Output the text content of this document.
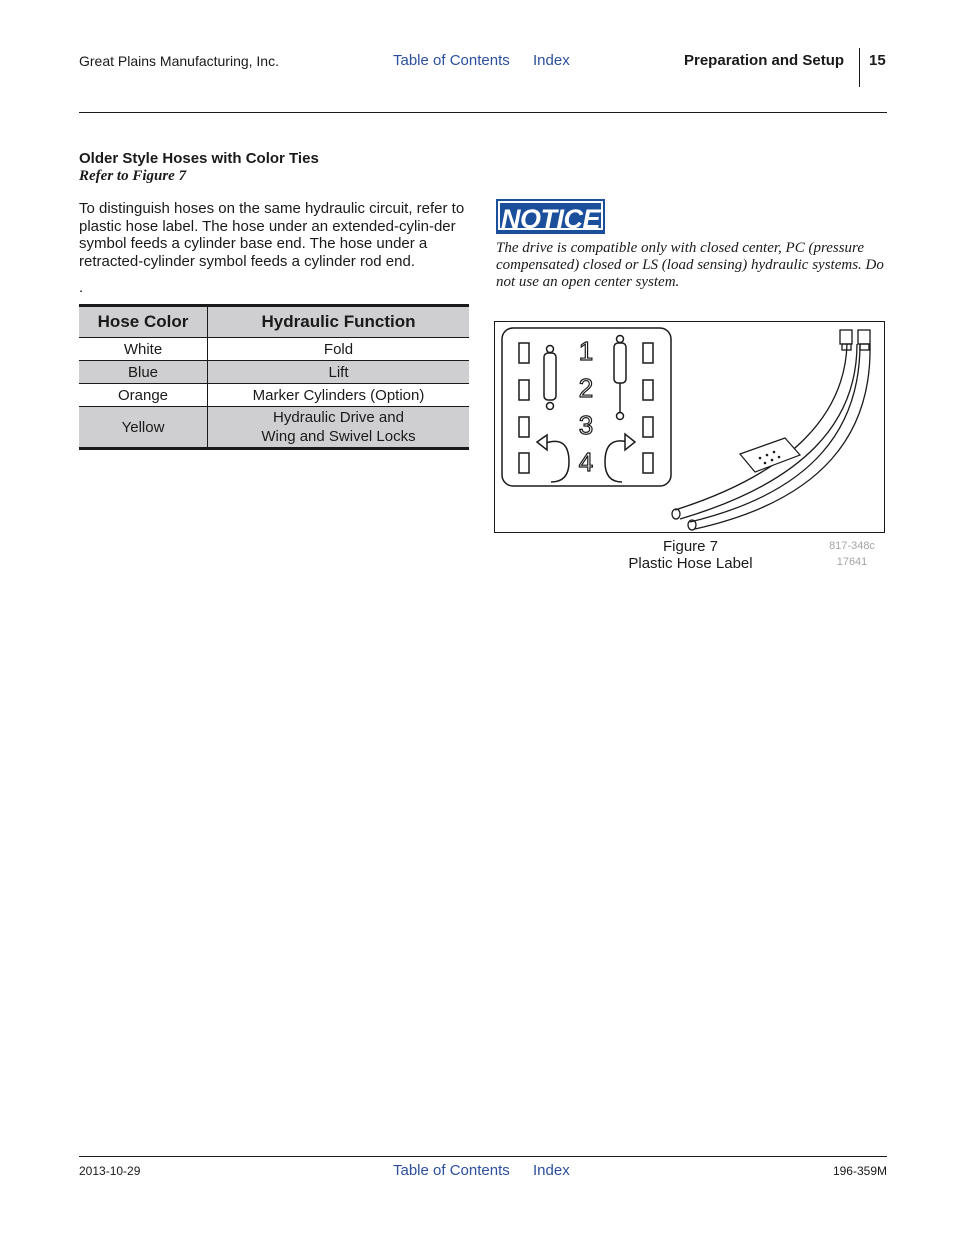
Great Plains Manufacturing, Inc.	Table of Contents Index	Preparation and Setup 15
Older Style Hoses with Color Ties
Refer to Figure 7
To distinguish hoses on the same hydraulic circuit, refer to plastic hose label. The hose under an extended-cylin-der symbol feeds a cylinder base end. The hose under a retracted-cylinder symbol feeds a cylinder rod end.
.
Hose Color	Hydraulic Function
White	Fold
Blue	Lift
Orange	Marker Cylinders (Option)
Yellow	Hydraulic Drive and
Wing and Swivel Locks
NOTICE
The drive is compatible only with closed center, PC (pressure compensated) closed or LS (load sensing) hydraulic systems. Do not use an open center system.
1
2
3
4
Figure 7
Plastic Hose Label
817-348c
17641
2013-10-29	Table of Contents Index	196-359M
